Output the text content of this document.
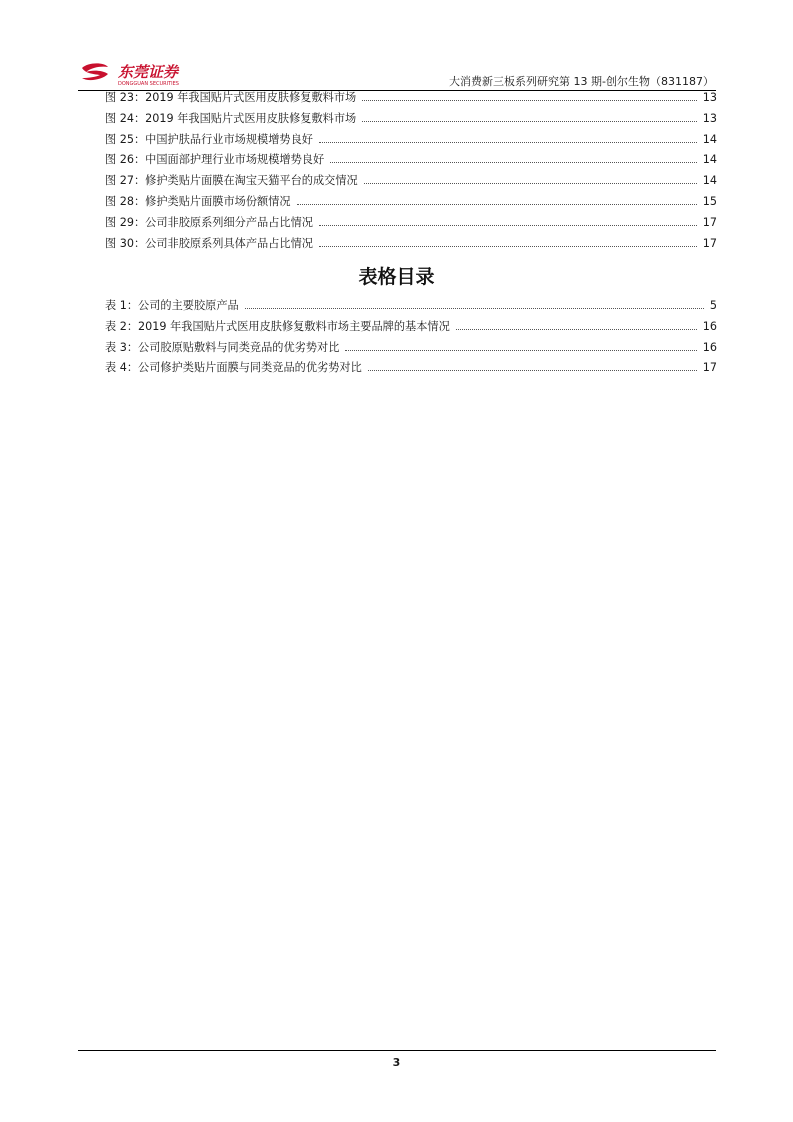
东莞证券
DONGGUAN SECURITIES	大消费新三板系列研究第 13 期-创尔生物（831187）
图 23：2019 年我国贴片式医用皮肤修复敷料市场	13
图 24：2019 年我国贴片式医用皮肤修复敷料市场	13
图 25：中国护肤品行业市场规模增势良好	14
图 26：中国面部护理行业市场规模增势良好	14
图 27：修护类贴片面膜在淘宝天猫平台的成交情况	14
图 28：修护类贴片面膜市场份额情况	15
图 29：公司非胶原系列细分产品占比情况	17
图 30：公司非胶原系列具体产品占比情况	17
表格目录
表 1：公司的主要胶原产品	5
表 2：2019 年我国贴片式医用皮肤修复敷料市场主要品牌的基本情况	16
表 3：公司胶原贴敷料与同类竞品的优劣势对比	16
表 4：公司修护类贴片面膜与同类竞品的优劣势对比	17
3
